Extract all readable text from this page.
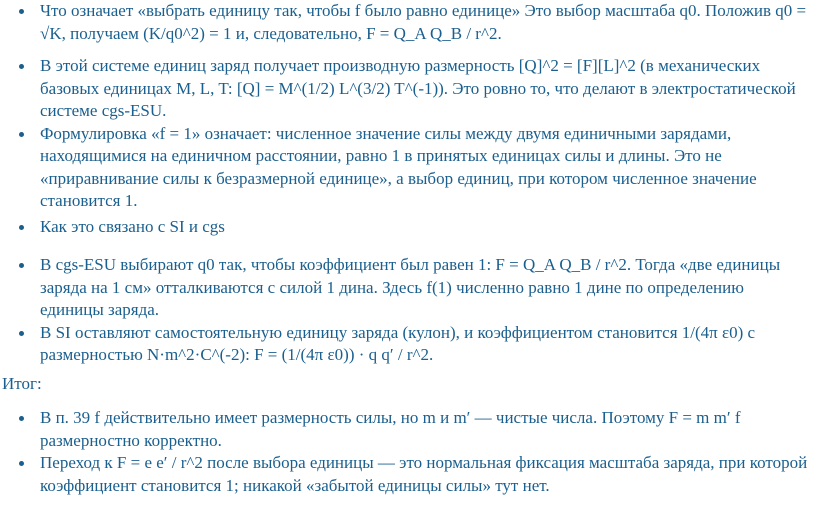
Что означает «выбрать единицу так, чтобы f было равно единице» Это выбор масштаба q0. Положив q0 = √K, получаем (K/q0^2) = 1 и, следовательно, F = Q_A Q_B / r^2.
В этой системе единиц заряд получает производную размерность [Q]^2 = [F][L]^2 (в механических базовых единицах M, L, T: [Q] = M^(1/2) L^(3/2) T^(-1)). Это ровно то, что делают в электростатической системе cgs-ESU.
Формулировка «f = 1» означает: численное значение силы между двумя единичными зарядами, находящимися на единичном расстоянии, равно 1 в принятых единицах силы и длины. Это не «приравнивание силы к безразмерной единице», а выбор единиц, при котором численное значение становится 1.
Как это связано с SI и cgs
В cgs-ESU выбирают q0 так, чтобы коэффициент был равен 1: F = Q_A Q_B / r^2. Тогда «две единицы заряда на 1 см» отталкиваются с силой 1 дина. Здесь f(1) численно равно 1 дине по определению единицы заряда.
В SI оставляют самостоятельную единицу заряда (кулон), и коэффициентом становится 1/(4π ε0) с размерностью N·m^2·C^(-2): F = (1/(4π ε0)) · q q′ / r^2.
Итог:
В п. 39 f действительно имеет размерность силы, но m и m′ — чистые числа. Поэтому F = m m′ f размерностно корректно.
Переход к F = e e′ / r^2 после выбора единицы — это нормальная фиксация масштаба заряда, при которой коэффициент становится 1; никакой «забытой единицы силы» тут нет.
